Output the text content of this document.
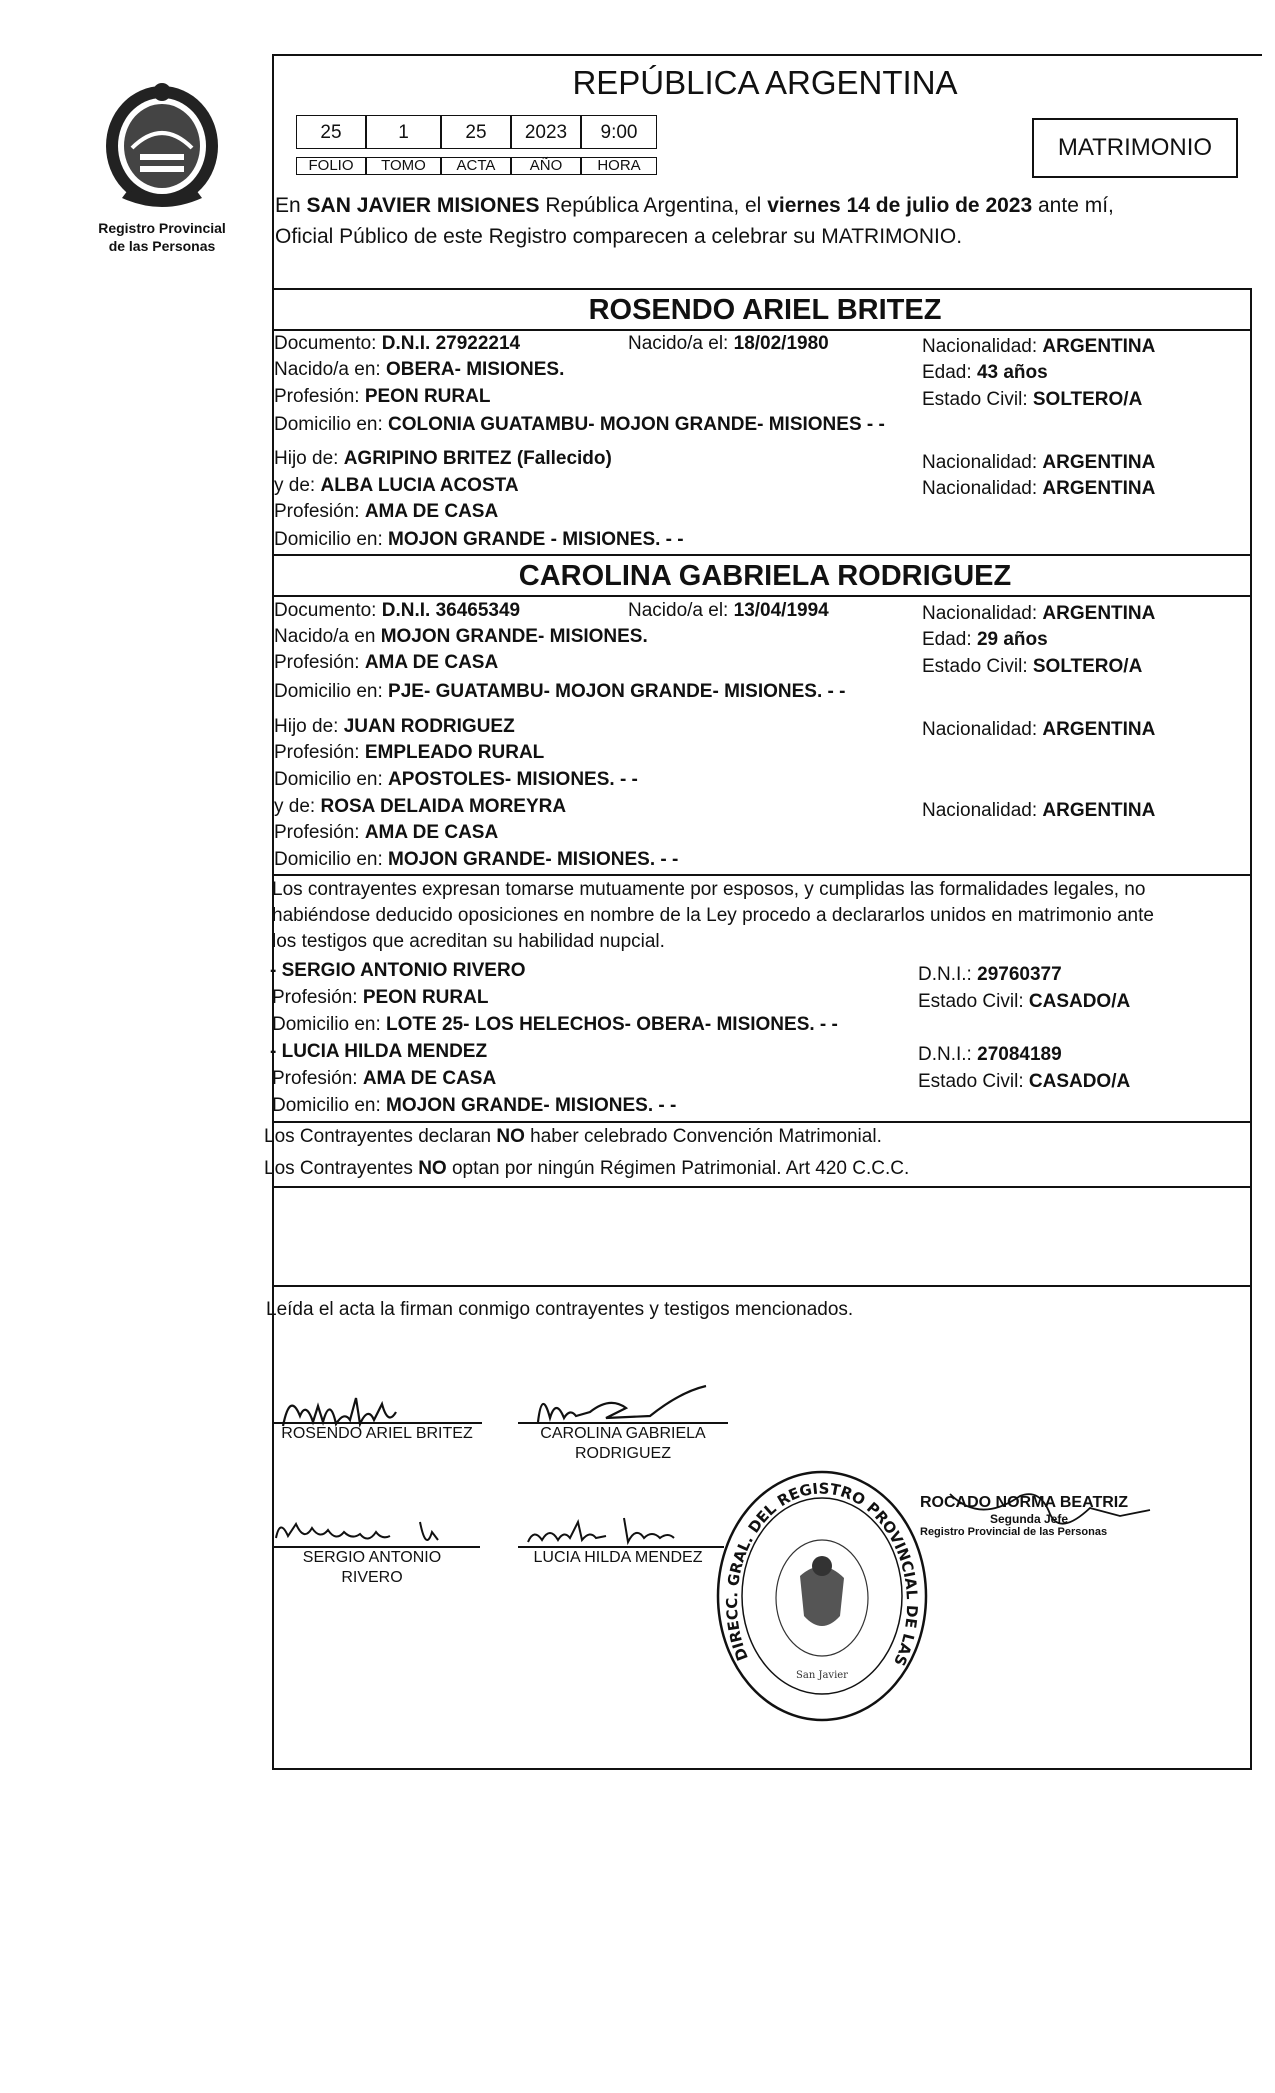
Registro Provincial
de las Personas
REPÚBLICA ARGENTINA
25	1	25	2023	9:00
FOLIO	TOMO	ACTA	AÑO	HORA
MATRIMONIO
En SAN JAVIER MISIONES República Argentina, el viernes 14 de julio de 2023 ante mí,
Oficial Público de este Registro comparecen a celebrar su MATRIMONIO.
ROSENDO ARIEL BRITEZ
Documento: D.N.I. 27922214	Nacido/a el: 18/02/1980	Nacionalidad: ARGENTINA
Nacido/a en: OBERA- MISIONES.	Edad: 43 años
Profesión: PEON RURAL	Estado Civil: SOLTERO/A
Domicilio en: COLONIA GUATAMBU- MOJON GRANDE- MISIONES - -
Hijo de: AGRIPINO BRITEZ (Fallecido)	Nacionalidad: ARGENTINA
y de: ALBA LUCIA ACOSTA	Nacionalidad: ARGENTINA
Profesión: AMA DE CASA
Domicilio en: MOJON GRANDE - MISIONES. - -
CAROLINA GABRIELA RODRIGUEZ
Documento: D.N.I. 36465349	Nacido/a el: 13/04/1994	Nacionalidad: ARGENTINA
Nacido/a en MOJON GRANDE- MISIONES.	Edad: 29 años
Profesión: AMA DE CASA	Estado Civil: SOLTERO/A
Domicilio en: PJE- GUATAMBU- MOJON GRANDE- MISIONES. - -
Hijo de: JUAN RODRIGUEZ	Nacionalidad: ARGENTINA
Profesión: EMPLEADO RURAL
Domicilio en: APOSTOLES- MISIONES. - -
y de: ROSA DELAIDA MOREYRA	Nacionalidad: ARGENTINA
Profesión: AMA DE CASA
Domicilio en: MOJON GRANDE- MISIONES. - -
Los contrayentes expresan tomarse mutuamente por esposos, y cumplidas las formalidades legales, no
habiéndose deducido oposiciones en nombre de la Ley procedo a declararlos unidos en matrimonio ante
los testigos que acreditan su habilidad nupcial.
- SERGIO ANTONIO RIVERO	D.N.I.: 29760377
Profesión: PEON RURAL	Estado Civil: CASADO/A
Domicilio en: LOTE 25- LOS HELECHOS- OBERA- MISIONES. - -
- LUCIA HILDA MENDEZ	D.N.I.: 27084189
Profesión: AMA DE CASA	Estado Civil: CASADO/A
Domicilio en: MOJON GRANDE- MISIONES. - -
Los Contrayentes declaran NO haber celebrado Convención Matrimonial.
Los Contrayentes NO optan por ningún Régimen Patrimonial. Art 420 C.C.C.
Leída el acta la firman conmigo contrayentes y testigos mencionados.
ROSENDO ARIEL BRITEZ	CAROLINA GABRIELA
RODRIGUEZ
SERGIO ANTONIO
RIVERO
LUCIA HILDA MENDEZ
DIRECC. GRAL. DEL REGISTRO PROVINCIAL DE LAS PERSONAS
San Javier
ROCADO NORMA BEATRIZ
Segunda Jefe
Registro Provincial de las Personas
